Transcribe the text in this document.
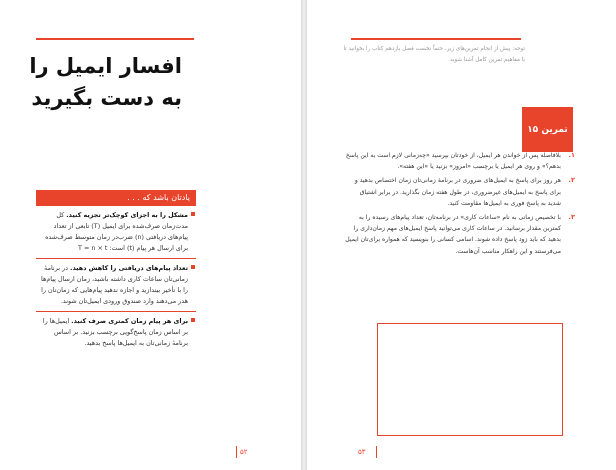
افسار ایمیل را به دست بگیرید
یادتان باشد که . . .
مشکل را به اجزای کوچک‌تر تجزیه کنید. کل مدت‌زمان صرف‌شده برای ایمیل (T) تابعی از تعداد پیام‌های دریافتی (n) ضرب‌در زمان متوسط صرف‌شده برای ارسال هر پیام (t) است: T = n × t
تعداد پیام‌های دریافتی را کاهش دهید. در برنامهٔ زمانی‌تان ساعات کاری داشته باشید، زمان ارسال پیام‌ها را با تأخیر بیندازید و اجازه ندهید پیام‌هایی که زمان‌تان را هدر می‌دهند وارد صندوق ورودی ایمیل‌تان شوند.
برای هر پیام زمان کمتری صرف کنید. ایمیل‌ها را بر اساس زمان پاسخ‌گویی برچسب بزنید. بر اساس برنامهٔ زمانی‌تان به ایمیل‌ها پاسخ بدهید.
۵۲
توجه: پیش از انجام تمرین‌های زیر، حتماً نخست فصل یازدهم کتاب را بخوانید تا با مفاهیم تمرین کامل آشنا شوید.
تمرین ۱۵
۱.
بلافاصله پس از خواندن هر ایمیل، از خودتان بپرسید «چه‌زمانی لازم است به این پاسخ بدهم؟» و روی هر ایمیل یا برچسب «امروز» بزنید یا «این هفته».
۲.
هر روز برای پاسخ به ایمیل‌های ضروری در برنامهٔ زمانی‌تان زمان اختصاص بدهید و برای پاسخ به ایمیل‌های غیرضروری، در طول هفته زمان بگذارید. در برابر اشتیاق شدید به پاسخ فوری به ایمیل‌ها مقاومت کنید.
۳.
با تخصیص زمانی به نام «ساعات کاری» در برنامه‌تان، تعداد پیام‌های رسیده را به کمترین مقدار برسانید. در ساعات کاری می‌توانید پاسخ ایمیل‌های مهم زمان‌داری را بدهید که باید زود پاسخ داده شوند. اسامی کسانی را بنویسید که همواره برای‌تان ایمیل می‌فرستند و این راهکار مناسب آن‌هاست.
۵۳
